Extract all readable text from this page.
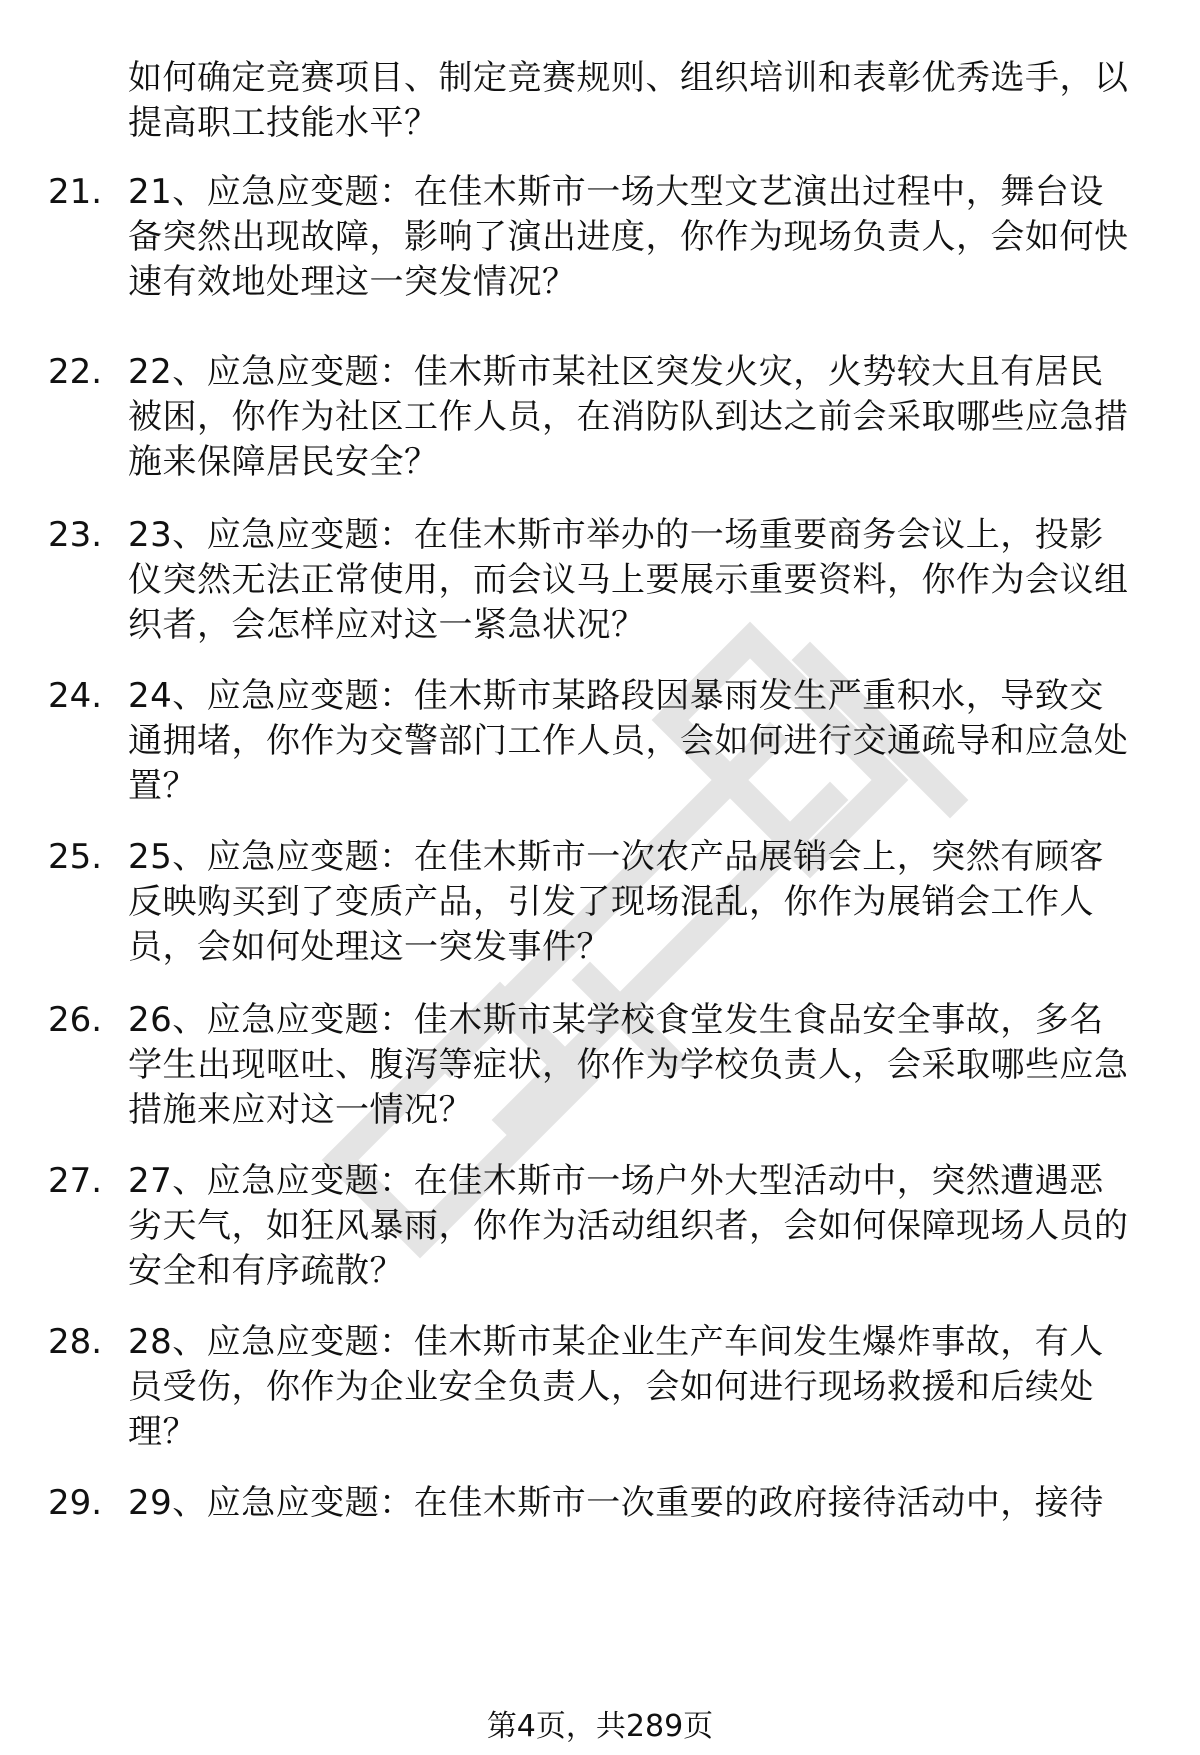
如何确定竞赛项目、制定竞赛规则、组织培训和表彰优秀选手，以提高职工技能水平？

21. 21、应急应变题：在佳木斯市一场大型文艺演出过程中，舞台设备突然出现故障，影响了演出进度，你作为现场负责人，会如何快速有效地处理这一突发情况？
22. 22、应急应变题：佳木斯市某社区突发火灾，火势较大且有居民被困，你作为社区工作人员，在消防队到达之前会采取哪些应急措施来保障居民安全？
23. 23、应急应变题：在佳木斯市举办的一场重要商务会议上，投影仪突然无法正常使用，而会议马上要展示重要资料，你作为会议组织者，会怎样应对这一紧急状况？
24. 24、应急应变题：佳木斯市某路段因暴雨发生严重积水，导致交通拥堵，你作为交警部门工作人员，会如何进行交通疏导和应急处置？
25. 25、应急应变题：在佳木斯市一次农产品展销会上，突然有顾客反映购买到了变质产品，引发了现场混乱，你作为展销会工作人员，会如何处理这一突发事件？
26. 26、应急应变题：佳木斯市某学校食堂发生食品安全事故，多名学生出现呕吐、腹泻等症状，你作为学校负责人，会采取哪些应急措施来应对这一情况？
27. 27、应急应变题：在佳木斯市一场户外大型活动中，突然遭遇恶劣天气，如狂风暴雨，你作为活动组织者，会如何保障现场人员的安全和有序疏散？
28. 28、应急应变题：佳木斯市某企业生产车间发生爆炸事故，有人员受伤，你作为企业安全负责人，会如何进行现场救援和后续处理？
29. 29、应急应变题：在佳木斯市一次重要的政府接待活动中，接待
第4页，共289页
